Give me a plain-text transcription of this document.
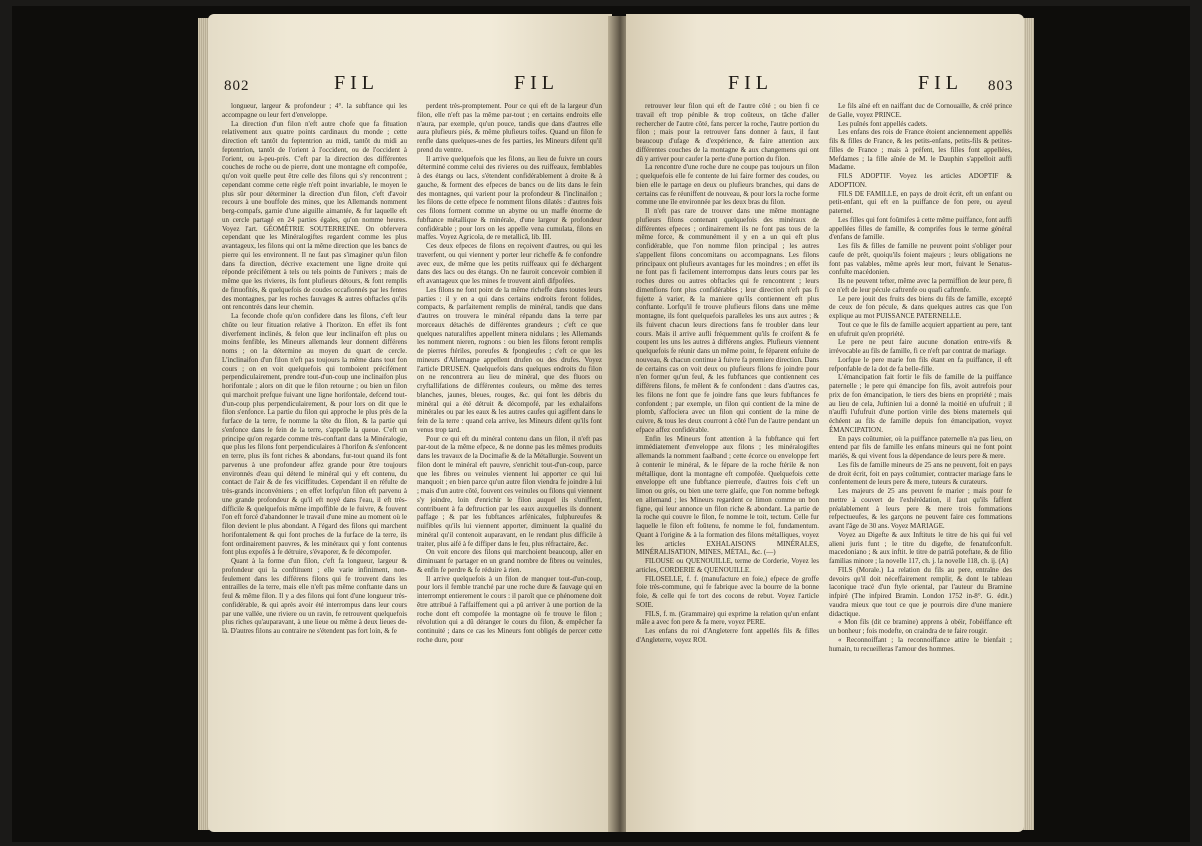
802	FIL	FIL

longueur, largeur & profondeur ; 4°. la subftance qui les accompagne ou leur fert d'enveloppe.

La direction d'un filon n'eft autre chofe que fa fituation relativement aux quatre points cardinaux du monde ; cette direction eft tantôt du feptentrion au midi, tantôt du midi au feptentrion, tantôt de l'orient à l'occident, ou de l'occident à l'orient, ou à-peu-près. C'eft par la direction des différentes couches de roche ou de pierre, dont une montagne eft compofée, qu'on voit quelle peut être celle des filons qui s'y rencontrent ; cependant comme cette règle n'eft point invariable, le moyen le plus sûr pour déterminer la direction d'un filon, c'eft d'avoir recours à une bouffole des mines, que les Allemands nomment berg-compafs, garnie d'une aiguille aimantée, & fur laquelle eft un cercle partagé en 24 parties égales, qu'on nomme heures. Voyez l'art. GÉOMÉTRIE SOUTERREINE. On obfervera cependant que les Minéralogiftes regardent comme les plus avantageux, les filons qui ont la même direction que les bancs de pierre qui les environnent. Il ne faut pas s'imaginer qu'un filon dans fa direction, décrive exactement une ligne droite qui réponde précifément à tels ou tels points de l'univers ; mais de même que les rivieres, ils font plufieurs détours, & font remplis de finuofités, & quelquefois de coudes occafionnés par les fentes des montagnes, par les roches fauvages & autres obftacles qu'ils ont rencontrés dans leur chemin.

La feconde chofe qu'on confidere dans les filons, c'eft leur chûte ou leur fituation relative à l'horizon. En effet ils font diverfement inclinés, & felon que leur inclinaifon eft plus ou moins fenfible, les Mineurs allemands leur donnent différens noms ; on la détermine au moyen du quart de cercle. L'inclinaifon d'un filon n'eft pas toujours la même dans tout fon cours ; on en voit quelquefois qui tomboient précifément perpendiculairement, prendre tout-d'un-coup une inclinaifon plus horifontale ; alors on dit que le filon retourne ; ou bien un filon qui marchoit prefque fuivant une ligne horifontale, defcend tout-d'un-coup plus perpendiculairement, & pour lors on dit que le filon s'enfonce. La partie du filon qui approche le plus près de la furface de la terre, fe nomme la tête du filon, & la partie qui s'enfonce dans le fein de la terre, s'appelle la queue. C'eft un principe qu'on regarde comme très-conftant dans la Minéralogie, que plus les filons font perpendiculaires à l'horifon & s'enfoncent en terre, plus ils font riches & abondans, fur-tout quand ils font parvenus à une profondeur affez grande pour être toujours environnés d'eau qui détend le minéral qui y eft contenu, du contact de l'air & de fes viciffitudes. Cependant il en réfulte de très-grands inconvéniens ; en effet lorfqu'un filon eft parvenu à une grande profondeur & qu'il eft noyé dans l'eau, il eft très-difficile & quelquefois même impoffible de le fuivre, & fouvent l'on eft forcé d'abandonner le travail d'une mine au moment où le filon devient le plus abondant. A l'égard des filons qui marchent horifontalement & qui font proches de la furface de la terre, ils font ordinairement pauvres, & les minéraux qui y font contenus font plus expofés à fe détruire, s'évaporer, & fe décompofer.

Quant à la forme d'un filon, c'eft fa longueur, largeur & profondeur qui la conftituent ; elle varie infiniment, non-feulement dans les différens filons qui fe trouvent dans les entrailles de la terre, mais elle n'eft pas même conftante dans un feul & même filon. Il y a des filons qui font d'une longueur très-confidérable, & qui après avoir été interrompus dans leur cours par une vallée, une riviere ou un ravin, fe retrouvent quelquefois plus riches qu'auparavant, à une lieue ou même à deux lieues de-là. D'autres filons au contraire ne s'étendent pas fort loin, & fe

perdent très-promptement. Pour ce qui eft de la largeur d'un filon, elle n'eft pas la même par-tout ; en certains endroits elle n'aura, par exemple, qu'un pouce, tandis que dans d'autres elle aura plufieurs piés, & même plufieurs toifes. Quand un filon fe renfle dans quelques-unes de fes parties, les Mineurs difent qu'il prend du ventre.

Il arrive quelquefois que les filons, au lieu de fuivre un cours déterminé comme celui des rivieres ou des ruiffeaux, femblables à des étangs ou lacs, s'étendent confidérablement à droite & à gauche, & forment des efpeces de bancs ou de lits dans le fein des montagnes, qui varient pour la profondeur & l'inclinaifon ; les filons de cette efpece fe nomment filons dilatés : d'autres fois ces filons forment comme un abyme ou un maffe énorme de fubftance métallique & minérale, d'une largeur & profondeur confidérable ; pour lors on les appelle vena cumulata, filons en maffes. Voyez Agricola, de re metallicâ, lib. III.

Ces deux efpeces de filons en reçoivent d'autres, ou qui les traverfent, ou qui viennent y porter leur richeffe & fe confondre avec eux, de même que les petits ruiffeaux qui fe déchargent dans des lacs ou des étangs. On ne fauroit concevoir combien il eft avantageux que les mines fe trouvent ainfi difpofées.

Les filons ne font point de la même richeffe dans toutes leurs parties : il y en a qui dans certains endroits feront folides, compacts, & parfaitement remplis de minéral, tandis que dans d'autres on trouvera le minéral répandu dans la terre par morceaux détachés de différentes grandeurs ; c'eft ce que quelques naturaliftes appellent minera nidulans ; les Allemands les nomment nieren, rognons : ou bien les filons feront remplis de pierres ftériles, poreufes & fpongieufes ; c'eft ce que les mineurs d'Allemagne appellent drufen ou des drufes. Voyez l'article DRUSEN. Quelquefois dans quelques endroits du filon on ne rencontrera au lieu de minéral, que des fluors ou cryftallifations de différentes couleurs, ou même des terres blanches, jaunes, bleues, rouges, &c. qui font les débris du minéral qui a été détruit & décompofé, par les exhalaifons minérales ou par les eaux & les autres caufes qui agiffent dans le fein de la terre : quand cela arrive, les Mineurs difent qu'ils font venus trop tard.

Pour ce qui eft du minéral contenu dans un filon, il n'eft pas par-tout de la même efpece, & ne donne pas les mêmes produits dans les travaux de la Docimafie & de la Métallurgie. Souvent un filon dont le minéral eft pauvre, s'enrichit tout-d'un-coup, parce que les fibres ou veinules viennent lui apporter ce qui lui manquoit ; en bien parce qu'un autre filon viendra fe joindre à lui ; mais d'un autre côté, fouvent ces veinules ou filons qui viennent s'y joindre, loin d'enrichir le filon auquel ils s'uniffent, contribuent à fa deftruction par les eaux auxquelles ils donnent paffage ; & par les fubftances arfénicales, fulphureufes & nuifibles qu'ils lui viennent apporter, diminuent la qualité du minéral qu'il contenoit auparavant, en le rendant plus difficile à traiter, plus aifé à fe diffiper dans le feu, plus réfractaire, &c.

On voit encore des filons qui marchoient beaucoup, aller en diminuant fe partager en un grand nombre de fibres ou veinules, & enfin fe perdre & fe réduire à rien.

Il arrive quelquefois à un filon de manquer tout-d'un-coup, pour lors il femble tranché par une roche dure & fauvage qui en interrompt entierement le cours : il paroît que ce phénomene doit être attribué à l'affaiffement qui a pû arriver à une portion de la roche dont eft compofée la montagne où fe trouve le filon ; révolution qui a dû déranger le cours du filon, & empêcher fa continuité ; dans ce cas les Mineurs font obligés de percer cette roche dure, pour

FIL	FIL 803

retrouver leur filon qui eft de l'autre côté ; ou bien fi ce travail eft trop pénible & trop coûteux, on tâche d'aller rechercher de l'autre côté, fans percer la roche, l'autre portion du filon ; mais pour la retrouver fans donner à faux, il faut beaucoup d'ufage & d'expérience, & faire attention aux différentes couches de la montagne & aux changemens qui ont dû y arriver pour caufer la perte d'une portion du filon.

La rencontre d'une roche dure ne coupe pas toujours un filon ; quelquefois elle fe contente de lui faire former des coudes, ou bien elle le partage en deux ou plufieurs branches, qui dans de certains cas fe réuniffent de nouveau, & pour lors la roche forme comme une île environnée par les deux bras du filon.

Il n'eft pas rare de trouver dans une même montagne plufieurs filons contenant quelquefois des minéraux de différentes efpeces ; ordinairement ils ne font pas tous de la même force, & communément il y en a un qui eft plus confidérable, que l'on nomme filon principal ; les autres s'appellent filons concomitans ou accompagnans. Les filons principaux ont plufieurs avantages fur les moindres ; en effet ils ne font pas fi facilement interrompus dans leurs cours par les roches dures ou autres obftacles qui fe rencontrent ; leurs dimenfions font plus confidérables ; leur direction n'eft pas fi fujette à varier, & la maniere qu'ils contiennent eft plus conftante. Lorfqu'il fe trouve plufieurs filons dans une même montagne, ils font quelquefois paralleles les uns aux autres ; & ils fuivent chacun leurs directions fans fe troubler dans leur cours. Mais il arrive aufli fréquemment qu'ils fe croifent & fe coupent les uns les autres à différens angles. Plufieurs viennent quelquefois fe réunir dans un même point, fe féparent enfuite de nouveau, & chacun continue à fuivre fa premiere direction. Dans de certains cas on voit deux ou plufieurs filons fe joindre pour n'en former qu'un feul, & les fubftances que contiennent ces différens filons, fe mêlent & fe confondent : dans d'autres cas, les filons ne font que fe joindre fans que leurs fubftances fe confondent ; par exemple, un filon qui contient de la mine de plomb, s'affociera avec un filon qui contient de la mine de cuivre, & tous les deux courront à côté l'un de l'autre pendant un efpace affez confidérable.

Enfin les Mineurs font attention à la fubftance qui fert immédiatement d'enveloppe aux filons ; les minéralogiftes allemands la nomment faalband ; cette écorce ou enveloppe fert à contenir le minéral, & le fépare de la roche ftérile & non métallique, dont la montagne eft compofée. Quelquefois cette enveloppe eft une fubftance pierreufe, d'autres fois c'eft un limon ou grès, ou bien une terre glaife, que l'on nomme beftegk en allemand ; les Mineurs regardent ce limon comme un bon figne, qui leur annonce un filon riche & abondant. La partie de la roche qui couvre le filon, fe nomme le toit, tectum. Celle fur laquelle le filon eft foûtenu, fe nomme le fol, fundamentum. Quant à l'origine & à la formation des filons métalliques, voyez les articles EXHALAISONS MINÉRALES, MINÉRALISATION, MINES, MÉTAL, &c. (—)

FILOUSE ou QUENOUILLE, terme de Corderie, Voyez les articles, CORDERIE & QUENOUILLE.

FILOSELLE, f. f. (manufacture en foie,) efpece de groffe foie très-commune, qui fe fabrique avec la bourre de la bonne foie, & celle qui fe tort des cocons de rebut. Voyez l'article SOIE.

FILS, f. m. (Grammaire) qui exprime la relation qu'un enfant mâle a avec fon pere & fa mere, voyez PERE.

Les enfans du roi d'Angleterre font appellés fils & filles d'Angleterre, voyez ROI.

Le fils aîné eft en naiffant duc de Cornouaille, & créé prince de Galle, voyez PRINCE.

Les puînés font appellés cadets.

Les enfans des rois de France étoient anciennement appellés fils & filles de France, & les petits-enfans, petits-fils & petites-filles de France ; mais à préfent, les filles font appellées, Mefdames ; la fille aînée de M. le Dauphin s'appelloit auffi Madame.

FILS ADOPTIF. Voyez les articles ADOPTIF & ADOPTION.

FILS DE FAMILLE, en pays de droit écrit, eft un enfant ou petit-enfant, qui eft en la puiffance de fon pere, ou ayeul paternel.

Les filles qui font foûmifes à cette même puiffance, font auffi appellées filles de famille, & comprifes fous le terme général d'enfans de famille.

Les fils & filles de famille ne peuvent point s'obliger pour caufe de prêt, quoiqu'ils foient majeurs ; leurs obligations ne font pas valables, même après leur mort, fuivant le Senatus-confulte macédonien.

Ils ne peuvent tefter, même avec la permiffion de leur pere, fi ce n'eft de leur pécule caftrenfe ou quafi caftrenfe.

Le pere jouit des fruits des biens du fils de famille, excepté de ceux de fon pécule, & dans quelques autres cas que l'on explique au mot PUISSANCE PATERNELLE.

Tout ce que le fils de famille acquiert appartient au pere, tant en ufufruit qu'en propriété.

Le pere ne peut faire aucune donation entre-vifs & irrévocable au fils de famille, fi ce n'eft par contrat de mariage.

Lorfque le pere marie fon fils étant en fa puiffance, il eft refponfable de la dot de fa belle-fille.

L'émancipation fait fortir le fils de famille de la puiffance paternelle ; le pere qui émancipe fon fils, avoit autrefois pour prix de fon émancipation, le tiers des biens en propriété ; mais au lieu de cela, Juftinien lui a donné la moitié en ufufruit ; il n'auffi l'ufufruit d'une portion virile des biens maternels qui échéent au fils de famille depuis fon émancipation, voyez ÉMANCIPATION.

En pays coûtumier, où la puiffance paternelle n'a pas lieu, on entend par fils de famille les enfans mineurs qui ne font point mariés, & qui vivent fous la dépendance de leurs pere & mere.

Les fils de famille mineurs de 25 ans ne peuvent, foit en pays de droit écrit, foit en pays coûtumier, contracter mariage fans le confentement de leurs pere & mere, tuteurs & curateurs.

Les majeurs de 25 ans peuvent fe marier ; mais pour fe mettre à couvert de l'exhérédation, il faut qu'ils faffent préalablement à leurs pere & mere trois fommations refpectueufes, & les garçons ne peuvent faire ces fommations avant l'âge de 30 ans. Voyez MARIAGE.

Voyez au Digefte & aux Inftituts le titre de his qui fui vel alieni juris funt ; le titre du digefte, de fenatufconfult. macedoniano ; & aux inftit. le titre de patriâ poteftate, & de filio familias minore ; la novelle 117, ch. j. la novelle 118, ch. ij. (A)

FILS (Morale.) La relation du fils au pere, entraîne des devoirs qu'il doit néceffairement remplir, & dont le tableau laconique tracé d'un ftyle oriental, par l'auteur du Bramine infpiré (The infpired Bramin. London 1752 in-8°. G. édit.) vaudra mieux que tout ce que je pourrois dire d'une maniere didactique.

« Mon fils (dit ce bramine) apprens à obéir, l'obéiffance eft un bonheur ; fois modefte, on craindra de te faire rougir.

« Reconnoiffant ; la reconnoiffance attire le bienfait ; humain, tu recueilleras l'amour des hommes.
